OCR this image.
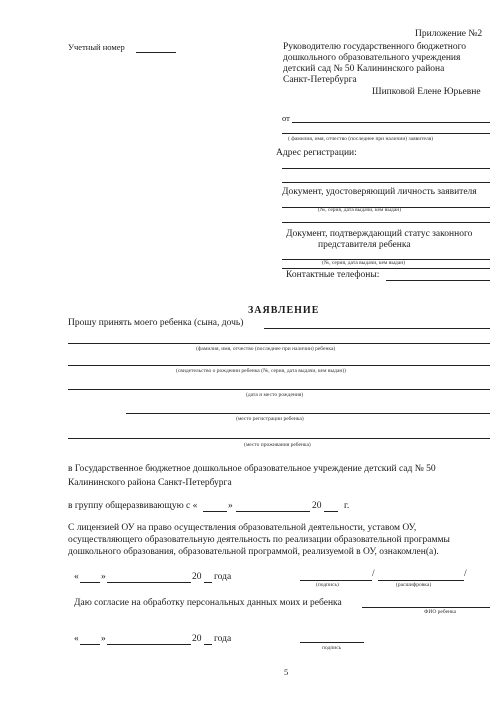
Приложение №2
Учетный номер	Руководителю государственного бюджетного
дошкольного образовательного учреждения
детский сад № 50 Калининского района
Санкт-Петербурга
Шипковой Елене Юрьевне
от
( фамилия, имя, отчество (последнее при наличии) заявителя)
Адрес регистрации:
Документ, удостоверяющий личность заявителя
(№, серия, дата выдачи, кем выдан)
Документ, подтверждающий статус законного
представителя ребенка
(№, серия, дата выдачи, кем выдан)
Контактные телефоны:
ЗАЯВЛЕНИЕ
Прошу принять моего ребенка (сына, дочь)
(фамилия, имя, отчество (последнее при наличии) ребенка)
(свидетельство о рождении ребенка (№, серия, дата выдачи, кем выдан))
(дата и место рождения)
(место регистрации ребенка)
(место проживания ребенка)
в Государственное бюджетное дошкольное образовательное учреждение детский сад № 50
Калининского района Санкт-Петербурга
в группу общеразвивающую с «	»	20 г.
С лицензией ОУ на право осуществления образовательной деятельности, уставом ОУ,
осуществляющего образовательную деятельность по реализации образовательной программы
дошкольного образования, образовательной программой, реализуемой в ОУ, ознакомлен(а).
« »	20 года	/	/
(подпись)	(расшифровка)
Даю согласие на обработку персональных данных моих и ребенка
ФИО ребенка
« »	20 года
подпись
5
